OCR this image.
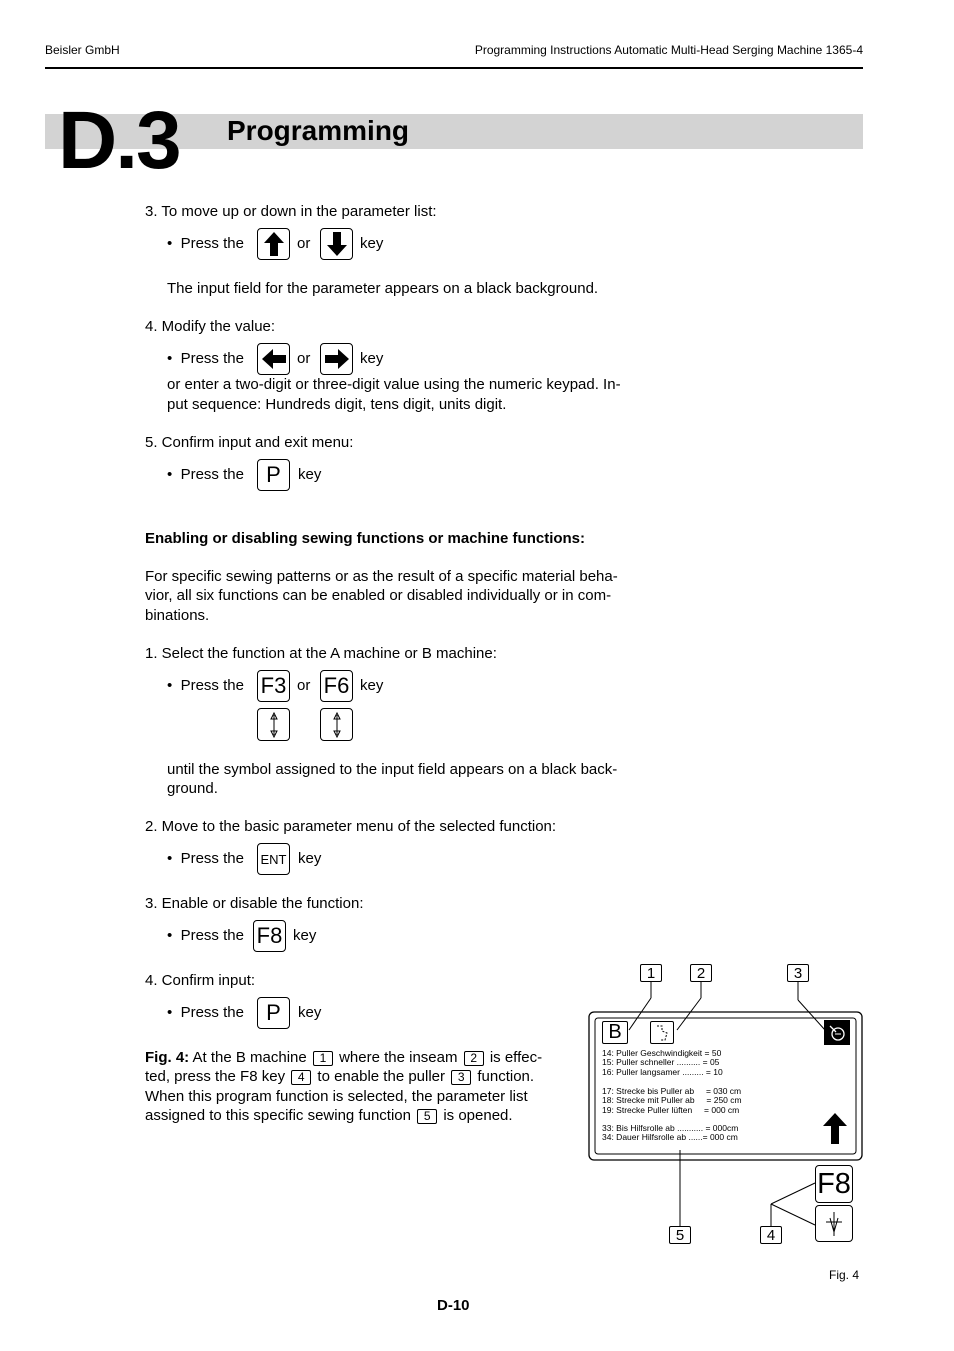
Beisler GmbH	Programming Instructions Automatic Multi-Head Serging Machine 1365-4
D.3 Programming
3. To move up or down in the parameter list:
•  Press the	or	key
The input field for the parameter appears on a black background.
4. Modify the value:
•  Press the	or	key
or enter a two-digit or three-digit value using the numeric keypad. In-
put sequence: Hundreds digit, tens digit, units digit.
5. Confirm input and exit menu:
•  Press the	P	key
Enabling or disabling sewing functions or machine functions:
For specific sewing patterns or as the result of a specific material beha-
vior, all six functions can be enabled or disabled individually or in com-
binations.
1. Select the function at the A machine or B machine:
•  Press the F3 or F6 key
until the symbol assigned to the input field appears on a black back-
ground.
2. Move to the basic parameter menu of the selected function:
•  Press the ENT key
3. Enable or disable the function:
•  Press the F8 key
4. Confirm input:
•  Press the	P	key
Fig. 4: At the B machine 1 where the inseam 2 is effec-
ted, press the F8 key 4 to enable the puller 3 function.
When this program function is selected, the parameter list
assigned to this specific sewing function 5 is opened.
1	2	3
B
14: Puller Geschwindigkeit = 50
15: Puller schneller .......... = 05
16: Puller langsamer ......... = 10
17: Strecke bis Puller ab     = 030 cm
18: Strecke mit Puller ab     = 250 cm
19: Strecke Puller lüften     = 000 cm
33: Bis Hilfsrolle ab ........... = 000cm
34: Dauer Hilfsrolle ab ......= 000 cm
F8
5	4
Fig. 4
D-10
